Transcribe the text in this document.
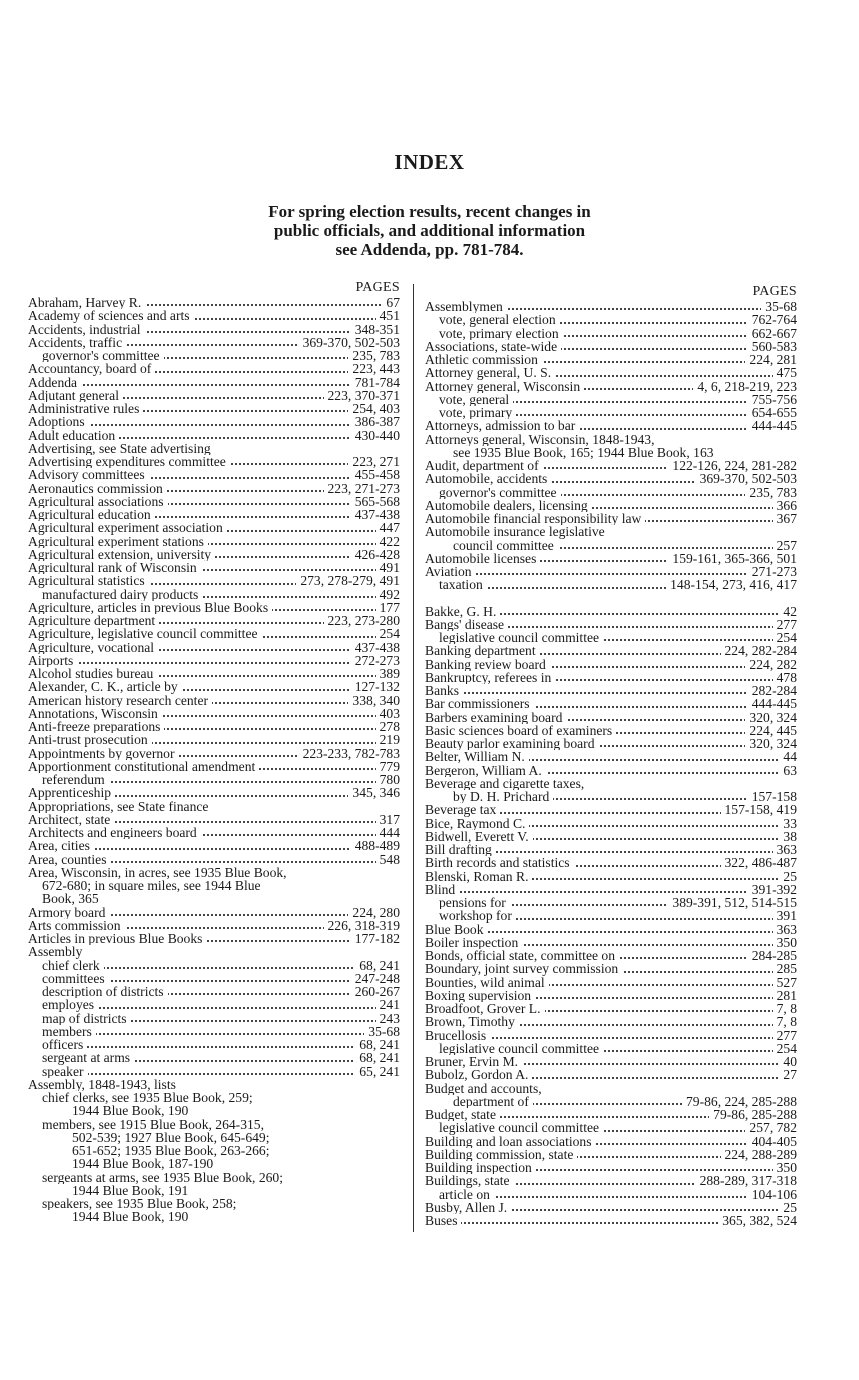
INDEX
For spring election results, recent changes in
public officials, and additional information
see Addenda, pp. 781-784.
PAGES
Abraham, Harvey R.	67
Academy of sciences and arts	451
Accidents, industrial	348-351
Accidents, traffic	369-370, 502-503
governor's committee	235, 783
Accountancy, board of	223, 443
Addenda	781-784
Adjutant general	223, 370-371
Administrative rules	254, 403
Adoptions	386-387
Adult education	430-440
Advertising, see State advertising
Advertising expenditures committee	223, 271
Advisory committees	455-458
Aeronautics commission	223, 271-273
Agricultural associations	565-568
Agricultural education	437-438
Agricultural experiment association	447
Agricultural experiment stations	422
Agricultural extension, university	426-428
Agricultural rank of Wisconsin	491
Agricultural statistics	273, 278-279, 491
manufactured dairy products	492
Agriculture, articles in previous Blue Books	177
Agriculture department	223, 273-280
Agriculture, legislative council committee	254
Agriculture, vocational	437-438
Airports	272-273
Alcohol studies bureau	389
Alexander, C. K., article by	127-132
American history research center	338, 340
Annotations, Wisconsin	403
Anti-freeze preparations	278
Anti-trust prosecution	219
Appointments by governor	223-233, 782-783
Apportionment constitutional amendment	779
referendum	780
Apprenticeship	345, 346
Appropriations, see State finance
Architect, state	317
Architects and engineers board	444
Area, cities	488-489
Area, counties	548
Area, Wisconsin, in acres, see 1935 Blue Book,
672-680; in square miles, see 1944 Blue
Book, 365
Armory board	224, 280
Arts commission	226, 318-319
Articles in previous Blue Books	177-182
Assembly
chief clerk	68, 241
committees	247-248
description of districts	260-267
employes	241
map of districts	243
members	35-68
officers	68, 241
sergeant at arms	68, 241
speaker	65, 241
Assembly, 1848-1943, lists
chief clerks, see 1935 Blue Book, 259;
1944 Blue Book, 190
members, see 1915 Blue Book, 264-315,
502-539; 1927 Blue Book, 645-649;
651-652; 1935 Blue Book, 263-266;
1944 Blue Book, 187-190
sergeants at arms, see 1935 Blue Book, 260;
1944 Blue Book, 191
speakers, see 1935 Blue Book, 258;
1944 Blue Book, 190
PAGES
Assemblymen	35-68
vote, general election	762-764
vote, primary election	662-667
Associations, state-wide	560-583
Athletic commission	224, 281
Attorney general, U. S.	475
Attorney general, Wisconsin	4, 6, 218-219, 223
vote, general	755-756
vote, primary	654-655
Attorneys, admission to bar	444-445
Attorneys general, Wisconsin, 1848-1943,
see 1935 Blue Book, 165; 1944 Blue Book, 163
Audit, department of	122-126, 224, 281-282
Automobile, accidents	369-370, 502-503
governor's committee	235, 783
Automobile dealers, licensing	366
Automobile financial responsibility law	367
Automobile insurance legislative
council committee	257
Automobile licenses	159-161, 365-366, 501
Aviation	271-273
taxation	148-154, 273, 416, 417
Bakke, G. H.	42
Bangs' disease	277
legislative council committee	254
Banking department	224, 282-284
Banking review board	224, 282
Bankruptcy, referees in	478
Banks	282-284
Bar commissioners	444-445
Barbers examining board	320, 324
Basic sciences board of examiners	224, 445
Beauty parlor examining board	320, 324
Belter, William N.	44
Bergeron, William A.	63
Beverage and cigarette taxes,
by D. H. Prichard	157-158
Beverage tax	157-158, 419
Bice, Raymond C.	33
Bidwell, Everett V.	38
Bill drafting	363
Birth records and statistics	322, 486-487
Blenski, Roman R.	25
Blind	391-392
pensions for	389-391, 512, 514-515
workshop for	391
Blue Book	363
Boiler inspection	350
Bonds, official state, committee on	284-285
Boundary, joint survey commission	285
Bounties, wild animal	527
Boxing supervision	281
Broadfoot, Grover L.	7, 8
Brown, Timothy	7, 8
Brucellosis	277
legislative council committee	254
Bruner, Ervin M.	40
Bubolz, Gordon A.	27
Budget and accounts,
department of	79-86, 224, 285-288
Budget, state	79-86, 285-288
legislative council committee	257, 782
Building and loan associations	404-405
Building commission, state	224, 288-289
Building inspection	350
Buildings, state	288-289, 317-318
article on	104-106
Busby, Allen J.	25
Buses	365, 382, 524
